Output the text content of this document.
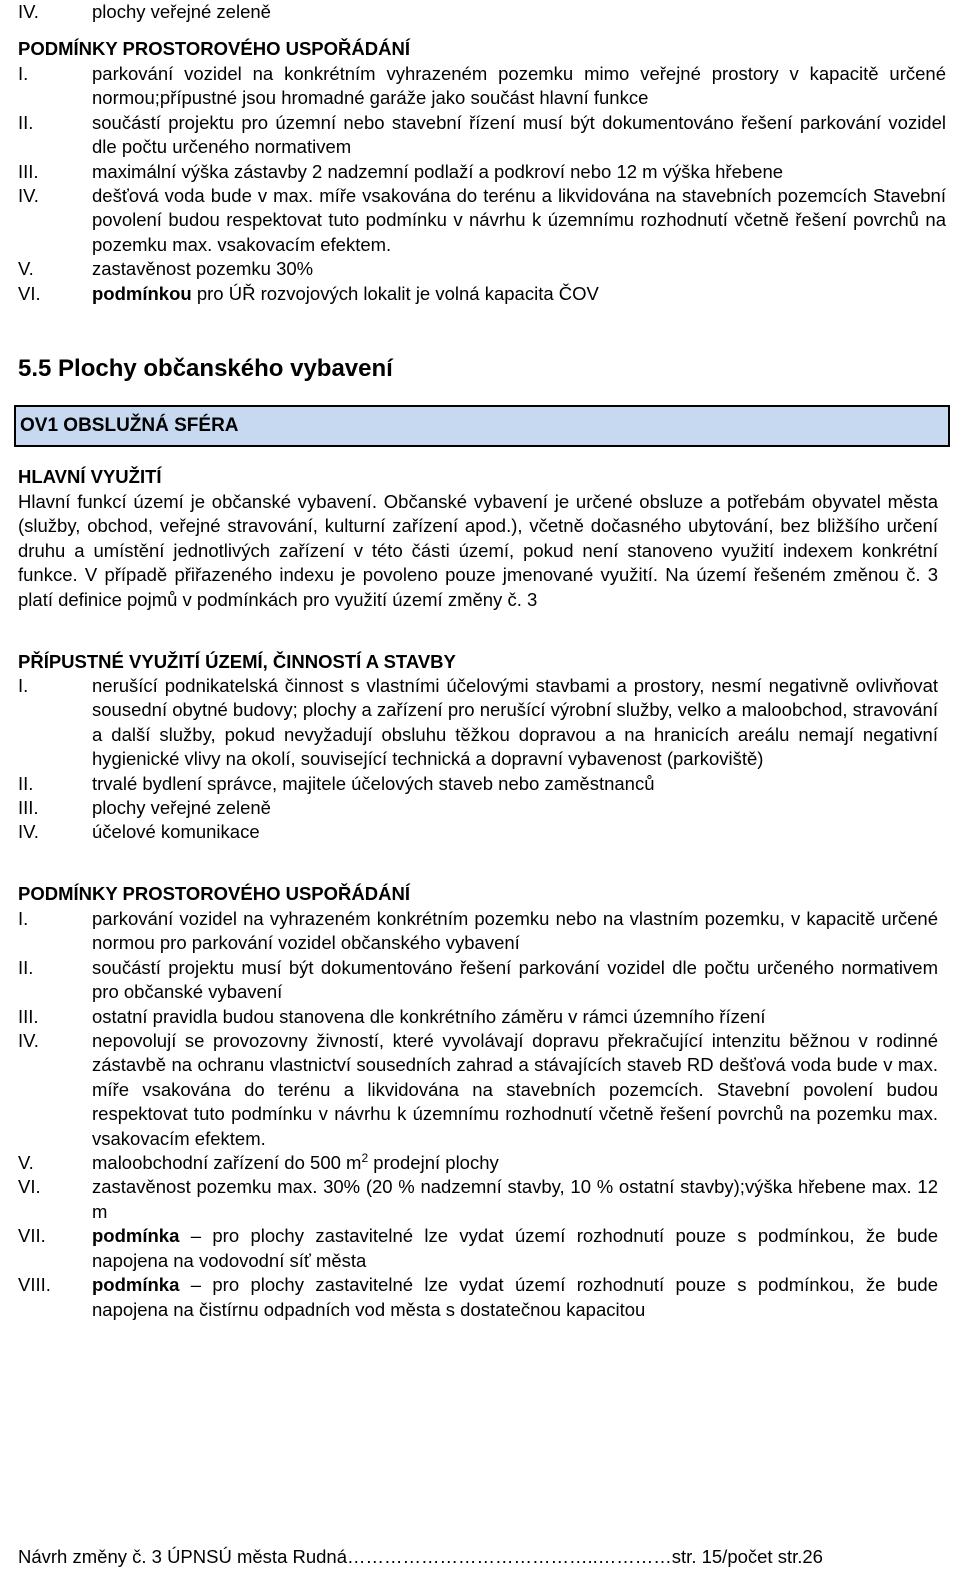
IV.	plochy veřejné zeleně
PODMÍNKY PROSTOROVÉHO USPOŘÁDÁNÍ
I.	parkování vozidel na konkrétním vyhrazeném pozemku mimo veřejné prostory v kapacitě určené normou;přípustné jsou hromadné garáže jako součást hlavní funkce
II.	součástí projektu pro územní nebo stavební řízení musí být dokumentováno řešení parkování vozidel dle počtu určeného normativem
III.	maximální výška zástavby 2 nadzemní podlaží a podkroví nebo 12 m výška hřebene
IV.	dešťová voda bude v max. míře vsakována do terénu a likvidována na stavebních pozemcích Stavební povolení budou respektovat tuto podmínku v návrhu k územnímu rozhodnutí včetně řešení povrchů na pozemku max. vsakovacím efektem.
V.	zastavěnost pozemku 30%
VI.	podmínkou pro ÚŘ rozvojových lokalit je volná kapacita ČOV
5.5 Plochy občanského vybavení
OV1 OBSLUŽNÁ SFÉRA
HLAVNÍ VYUŽITÍ
Hlavní funkcí území je občanské vybavení. Občanské vybavení je určené obsluze a potřebám obyvatel města (služby, obchod, veřejné stravování, kulturní zařízení apod.), včetně dočasného ubytování, bez bližšího určení druhu a umístění jednotlivých zařízení v této části území, pokud není stanoveno využití indexem konkrétní funkce. V případě přiřazeného indexu je povoleno pouze jmenované využití. Na území řešeném změnou č. 3 platí definice pojmů v podmínkách pro využití území změny č. 3
PŘÍPUSTNÉ VYUŽITÍ ÚZEMÍ, ČINNOSTÍ A STAVBY
I.	nerušící podnikatelská činnost s vlastními účelovými stavbami a prostory, nesmí negativně ovlivňovat sousední obytné budovy; plochy a zařízení pro nerušící výrobní služby, velko a maloobchod, stravování a další služby, pokud nevyžadují obsluhu těžkou dopravou a na hranicích areálu nemají negativní hygienické vlivy na okolí, související technická a dopravní vybavenost (parkoviště)
II.	trvalé bydlení správce, majitele účelových staveb nebo zaměstnanců
III.	plochy veřejné zeleně
IV.	účelové komunikace
PODMÍNKY PROSTOROVÉHO USPOŘÁDÁNÍ
I.	parkování vozidel na vyhrazeném konkrétním pozemku nebo na vlastním pozemku, v kapacitě určené normou pro parkování vozidel občanského vybavení
II.	součástí projektu musí být dokumentováno řešení parkování vozidel dle počtu určeného normativem pro občanské vybavení
III.	ostatní pravidla budou stanovena dle konkrétního záměru v rámci územního řízení
IV.	nepovolují se provozovny živností, které vyvolávají dopravu překračující intenzitu běžnou v rodinné zástavbě na ochranu vlastnictví sousedních zahrad a stávajících staveb RD dešťová voda bude v max. míře vsakována do terénu a likvidována na stavebních pozemcích. Stavební povolení budou respektovat tuto podmínku v návrhu k územnímu rozhodnutí včetně řešení povrchů na pozemku max. vsakovacím efektem.
V.	maloobchodní zařízení do 500 $m^2$ prodejní plochy
VI.	zastavěnost pozemku max. 30% (20 % nadzemní stavby, 10 % ostatní stavby);výška hřebene max. 12 m
VII.	podmínka – pro plochy zastavitelné lze vydat území rozhodnutí pouze s podmínkou, že bude napojena na vodovodní síť města
VIII.	podmínka – pro plochy zastavitelné lze vydat území rozhodnutí pouze s podmínkou, že bude napojena na čistírnu odpadních vod města s dostatečnou kapacitou
Návrh změny č. 3 ÚPNSÚ města Rudná…………………………………..…………str. 15/počet str.26
